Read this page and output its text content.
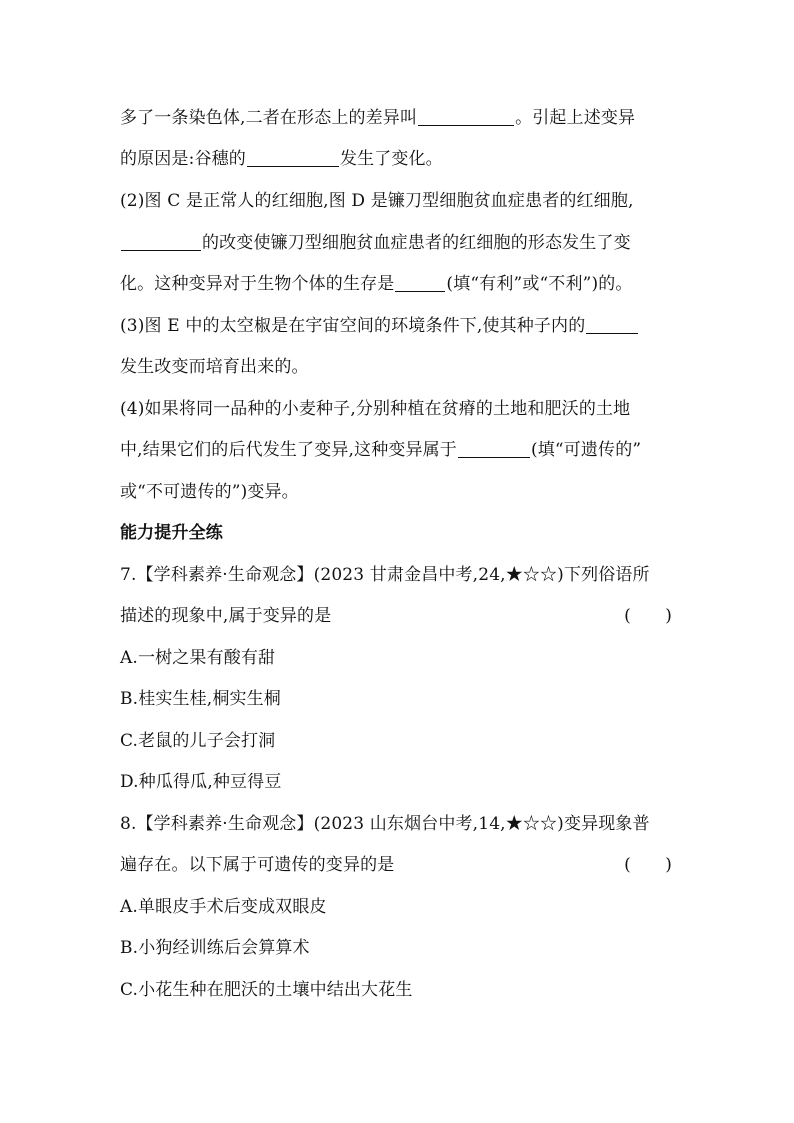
多了一条染色体,二者在形态上的差异叫	。引起上述变异
的原因是:谷穗的	发生了变化。
(2)图 C 是正常人的红细胞,图 D 是镰刀型细胞贫血症患者的红细胞,
的改变使镰刀型细胞贫血症患者的红细胞的形态发生了变
化。这种变异对于生物个体的生存是	(填“有利”或“不利”)的。
(3)图 E 中的太空椒是在宇宙空间的环境条件下,使其种子内的
发生改变而培育出来的。
(4)如果将同一品种的小麦种子,分别种植在贫瘠的土地和肥沃的土地
中,结果它们的后代发生了变异,这种变异属于	(填“可遗传的”
或“不可遗传的”)变异。
能力提升全练
7.【学科素养·生命观念】(2023 甘肃金昌中考,24,★☆☆)下列俗语所
描述的现象中,属于变异的是	(　　)
A.一树之果有酸有甜
B.桂实生桂,桐实生桐
C.老鼠的儿子会打洞
D.种瓜得瓜,种豆得豆
8.【学科素养·生命观念】(2023 山东烟台中考,14,★☆☆)变异现象普
遍存在。以下属于可遗传的变异的是	(　　)
A.单眼皮手术后变成双眼皮
B.小狗经训练后会算算术
C.小花生种在肥沃的土壤中结出大花生
